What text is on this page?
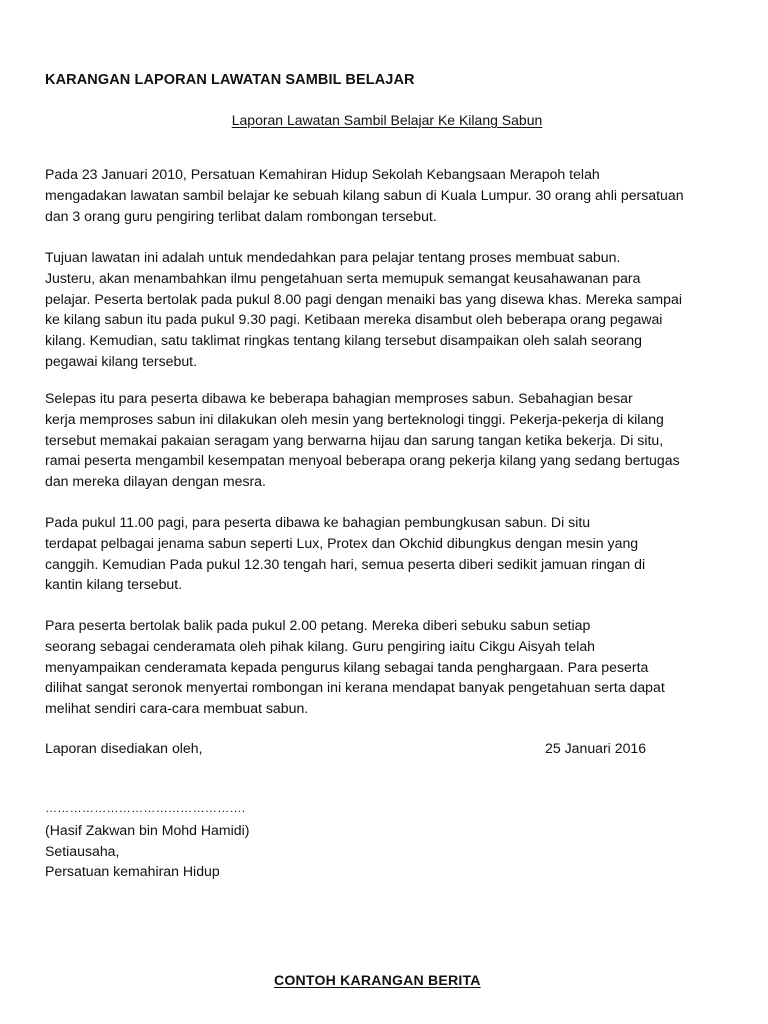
KARANGAN LAPORAN LAWATAN SAMBIL BELAJAR
Laporan Lawatan Sambil Belajar Ke Kilang Sabun

Pada 23 Januari 2010, Persatuan Kemahiran Hidup Sekolah Kebangsaan Merapoh telah
mengadakan lawatan sambil belajar ke sebuah kilang sabun di Kuala Lumpur. 30 orang ahli persatuan
dan 3 orang guru pengiring terlibat dalam rombongan tersebut.

Tujuan lawatan ini adalah untuk mendedahkan para pelajar tentang proses membuat sabun.
Justeru, akan menambahkan ilmu pengetahuan serta memupuk semangat keusahawanan para
pelajar. Peserta bertolak pada pukul 8.00 pagi dengan menaiki bas yang disewa khas. Mereka sampai
ke kilang sabun itu pada pukul 9.30 pagi. Ketibaan mereka disambut oleh beberapa orang pegawai
kilang. Kemudian, satu taklimat ringkas tentang kilang tersebut disampaikan oleh salah seorang
pegawai kilang tersebut.

Selepas itu para peserta dibawa ke beberapa bahagian memproses sabun. Sebahagian besar
kerja memproses sabun ini dilakukan oleh mesin yang berteknologi tinggi. Pekerja-pekerja di kilang
tersebut memakai pakaian seragam yang berwarna hijau dan sarung tangan ketika bekerja. Di situ,
ramai peserta mengambil kesempatan menyoal beberapa orang pekerja kilang yang sedang bertugas
dan mereka dilayan dengan mesra.

Pada pukul 11.00 pagi, para peserta dibawa ke bahagian pembungkusan sabun. Di situ
terdapat pelbagai jenama sabun seperti Lux, Protex dan Okchid dibungkus dengan mesin yang
canggih. Kemudian Pada pukul 12.30 tengah hari, semua peserta diberi sedikit jamuan ringan di
kantin kilang tersebut.

Para peserta bertolak balik pada pukul 2.00 petang. Mereka diberi sebuku sabun setiap
seorang sebagai cenderamata oleh pihak kilang. Guru pengiring iaitu Cikgu Aisyah telah
menyampaikan cenderamata kepada pengurus kilang sebagai tanda penghargaan. Para peserta
dilihat sangat seronok menyertai rombongan ini kerana mendapat banyak pengetahuan serta dapat
melihat sendiri cara-cara membuat sabun.

Laporan disediakan oleh,	25 Januari 2016
………………………………………….
(Hasif Zakwan bin Mohd Hamidi)
Setiausaha,
Persatuan kemahiran Hidup
CONTOH KARANGAN BERITA
